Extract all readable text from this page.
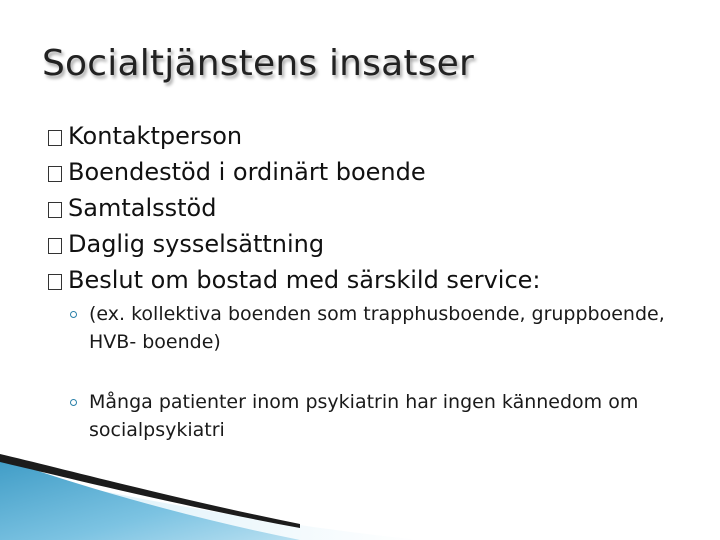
Socialtjänstens insatser
Kontaktperson
Boendestöd i ordinärt boende
Samtalsstöd
Daglig sysselsättning
Beslut om bostad med särskild service:
(ex. kollektiva boenden som trapphusboende, gruppboende, HVB- boende)
Många patienter inom psykiatrin har ingen kännedom om socialpsykiatri
